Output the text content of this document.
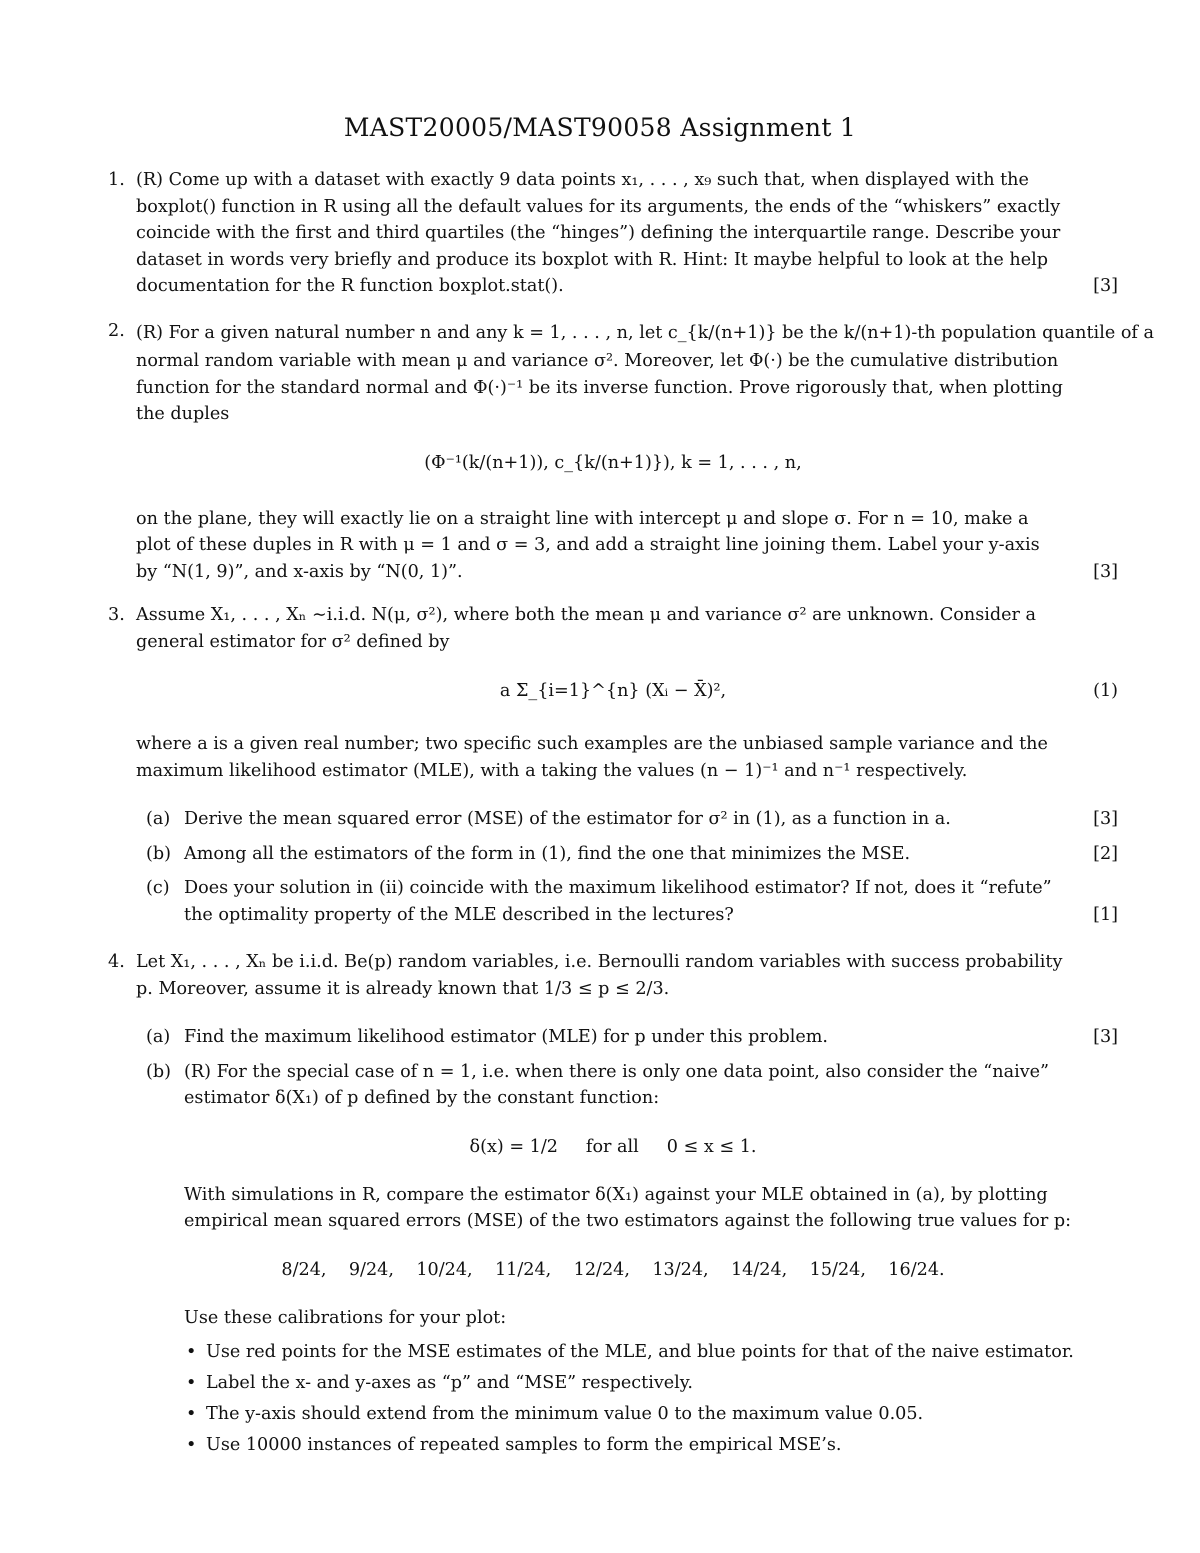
MAST20005/MAST90058 Assignment 1
1. (R) Come up with a dataset with exactly 9 data points x₁, . . . , x₉ such that, when displayed with the
boxplot() function in R using all the default values for its arguments, the ends of the “whiskers” exactly
coincide with the first and third quartiles (the “hinges”) defining the interquartile range. Describe your
dataset in words very briefly and produce its boxplot with R. Hint: It maybe helpful to look at the help
documentation for the R function boxplot.stat().	[3]
2. (R) For a given natural number n and any k = 1, . . . , n, let c_{k/(n+1)} be the k/(n+1)-th population quantile of a
normal random variable with mean μ and variance σ². Moreover, let Φ(·) be the cumulative distribution
function for the standard normal and Φ(·)⁻¹ be its inverse function. Prove rigorously that, when plotting
the duples
(Φ⁻¹(k/(n+1)), c_{k/(n+1)}), k = 1, . . . , n,
on the plane, they will exactly lie on a straight line with intercept μ and slope σ. For n = 10, make a
plot of these duples in R with μ = 1 and σ = 3, and add a straight line joining them. Label your y-axis
by “N(1, 9)”, and x-axis by “N(0, 1)”.	[3]
3. Assume X₁, . . . , Xₙ ∼i.i.d. N(μ, σ²), where both the mean μ and variance σ² are unknown. Consider a
general estimator for σ² defined by
a Σ_{i=1}^{n} (Xᵢ − X̄)²,	(1)
where a is a given real number; two specific such examples are the unbiased sample variance and the
maximum likelihood estimator (MLE), with a taking the values (n − 1)⁻¹ and n⁻¹ respectively.
(a) Derive the mean squared error (MSE) of the estimator for σ² in (1), as a function in a.	[3]
(b) Among all the estimators of the form in (1), find the one that minimizes the MSE.	[2]
(c) Does your solution in (ii) coincide with the maximum likelihood estimator? If not, does it “refute”
the optimality property of the MLE described in the lectures?	[1]
4. Let X₁, . . . , Xₙ be i.i.d. Be(p) random variables, i.e. Bernoulli random variables with success probability
p. Moreover, assume it is already known that 1/3 ≤ p ≤ 2/3.
(a) Find the maximum likelihood estimator (MLE) for p under this problem.	[3]
(b) (R) For the special case of n = 1, i.e. when there is only one data point, also consider the “naive”
estimator δ(X₁) of p defined by the constant function:
δ(x) = 1/2     for all     0 ≤ x ≤ 1.
With simulations in R, compare the estimator δ(X₁) against your MLE obtained in (a), by plotting
empirical mean squared errors (MSE) of the two estimators against the following true values for p:
8/24,    9/24,    10/24,    11/24,    12/24,    13/24,    14/24,    15/24,    16/24.
Use these calibrations for your plot:
• Use red points for the MSE estimates of the MLE, and blue points for that of the naive estimator.
• Label the x- and y-axes as “p” and “MSE” respectively.
• The y-axis should extend from the minimum value 0 to the maximum value 0.05.
• Use 10000 instances of repeated samples to form the empirical MSE’s.
